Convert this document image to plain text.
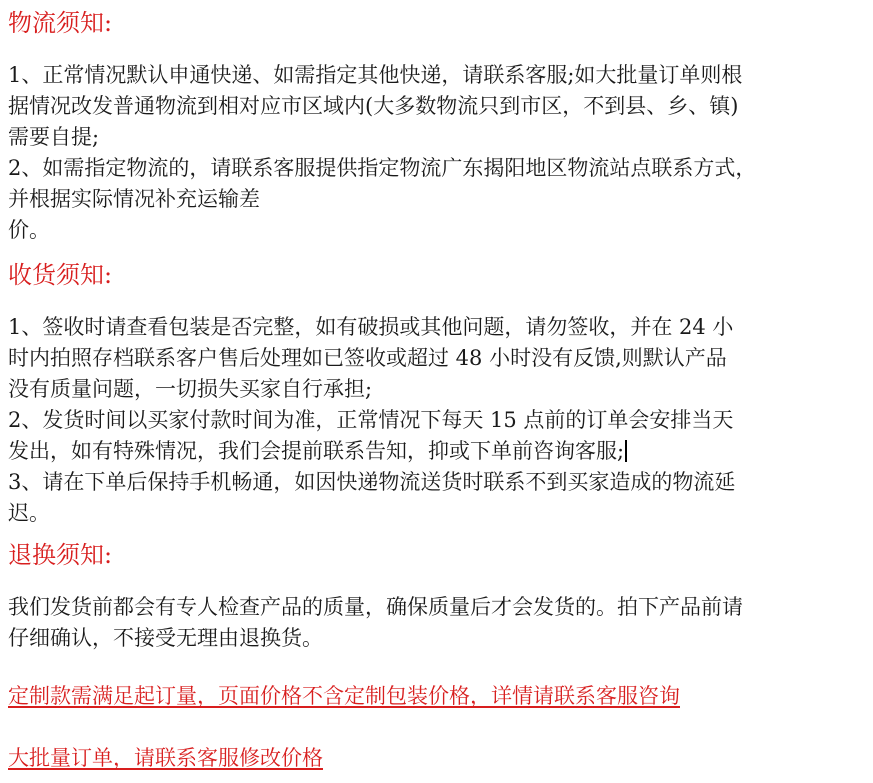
物流须知:

1、正常情况默认申通快递、如需指定其他快递，请联系客服;如大批量订单则根

据情况改发普通物流到相对应市区域内(大多数物流只到市区，不到县、乡、镇)

需要自提;

2、如需指定物流的，请联系客服提供指定物流广东揭阳地区物流站点联系方式，

并根据实际情况补充运输差

价。

收货须知:

1、签收时请查看包装是否完整，如有破损或其他问题，请勿签收，并在 24 小

时内拍照存档联系客户售后处理如已签收或超过 48 小时没有反馈,则默认产品

没有质量问题，一切损失买家自行承担;

2、发货时间以买家付款时间为准，正常情况下每天 15 点前的订单会安排当天

发出，如有特殊情况，我们会提前联系告知，抑或下单前咨询客服;

3、请在下单后保持手机畅通，如因快递物流送货时联系不到买家造成的物流延

迟。

退换须知:

我们发货前都会有专人检查产品的质量，确保质量后才会发货的。拍下产品前请

仔细确认，不接受无理由退换货。

定制款需满足起订量，页面价格不含定制包装价格，详情请联系客服咨询

大批量订单，请联系客服修改价格
